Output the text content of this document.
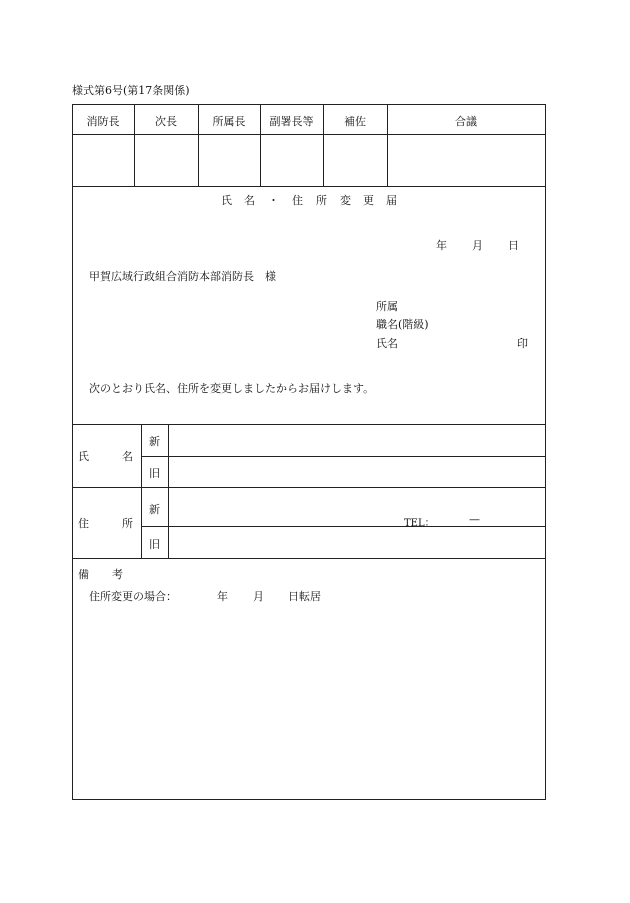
様式第6号(第17条関係)
消防長	次長	所属長	副署長等	補佐	合議
氏 名 ・ 住 所 変 更 届
年 月 日
甲賀広域行政組合消防本部消防長　様
所属
職名(階級)
氏名	印
次のとおり氏名、住所を変更しましたからお届けします。
氏	名
新
旧
住	所
新
旧
TEL：	—
備 考
住所変更の場合：	年 月 日転居
